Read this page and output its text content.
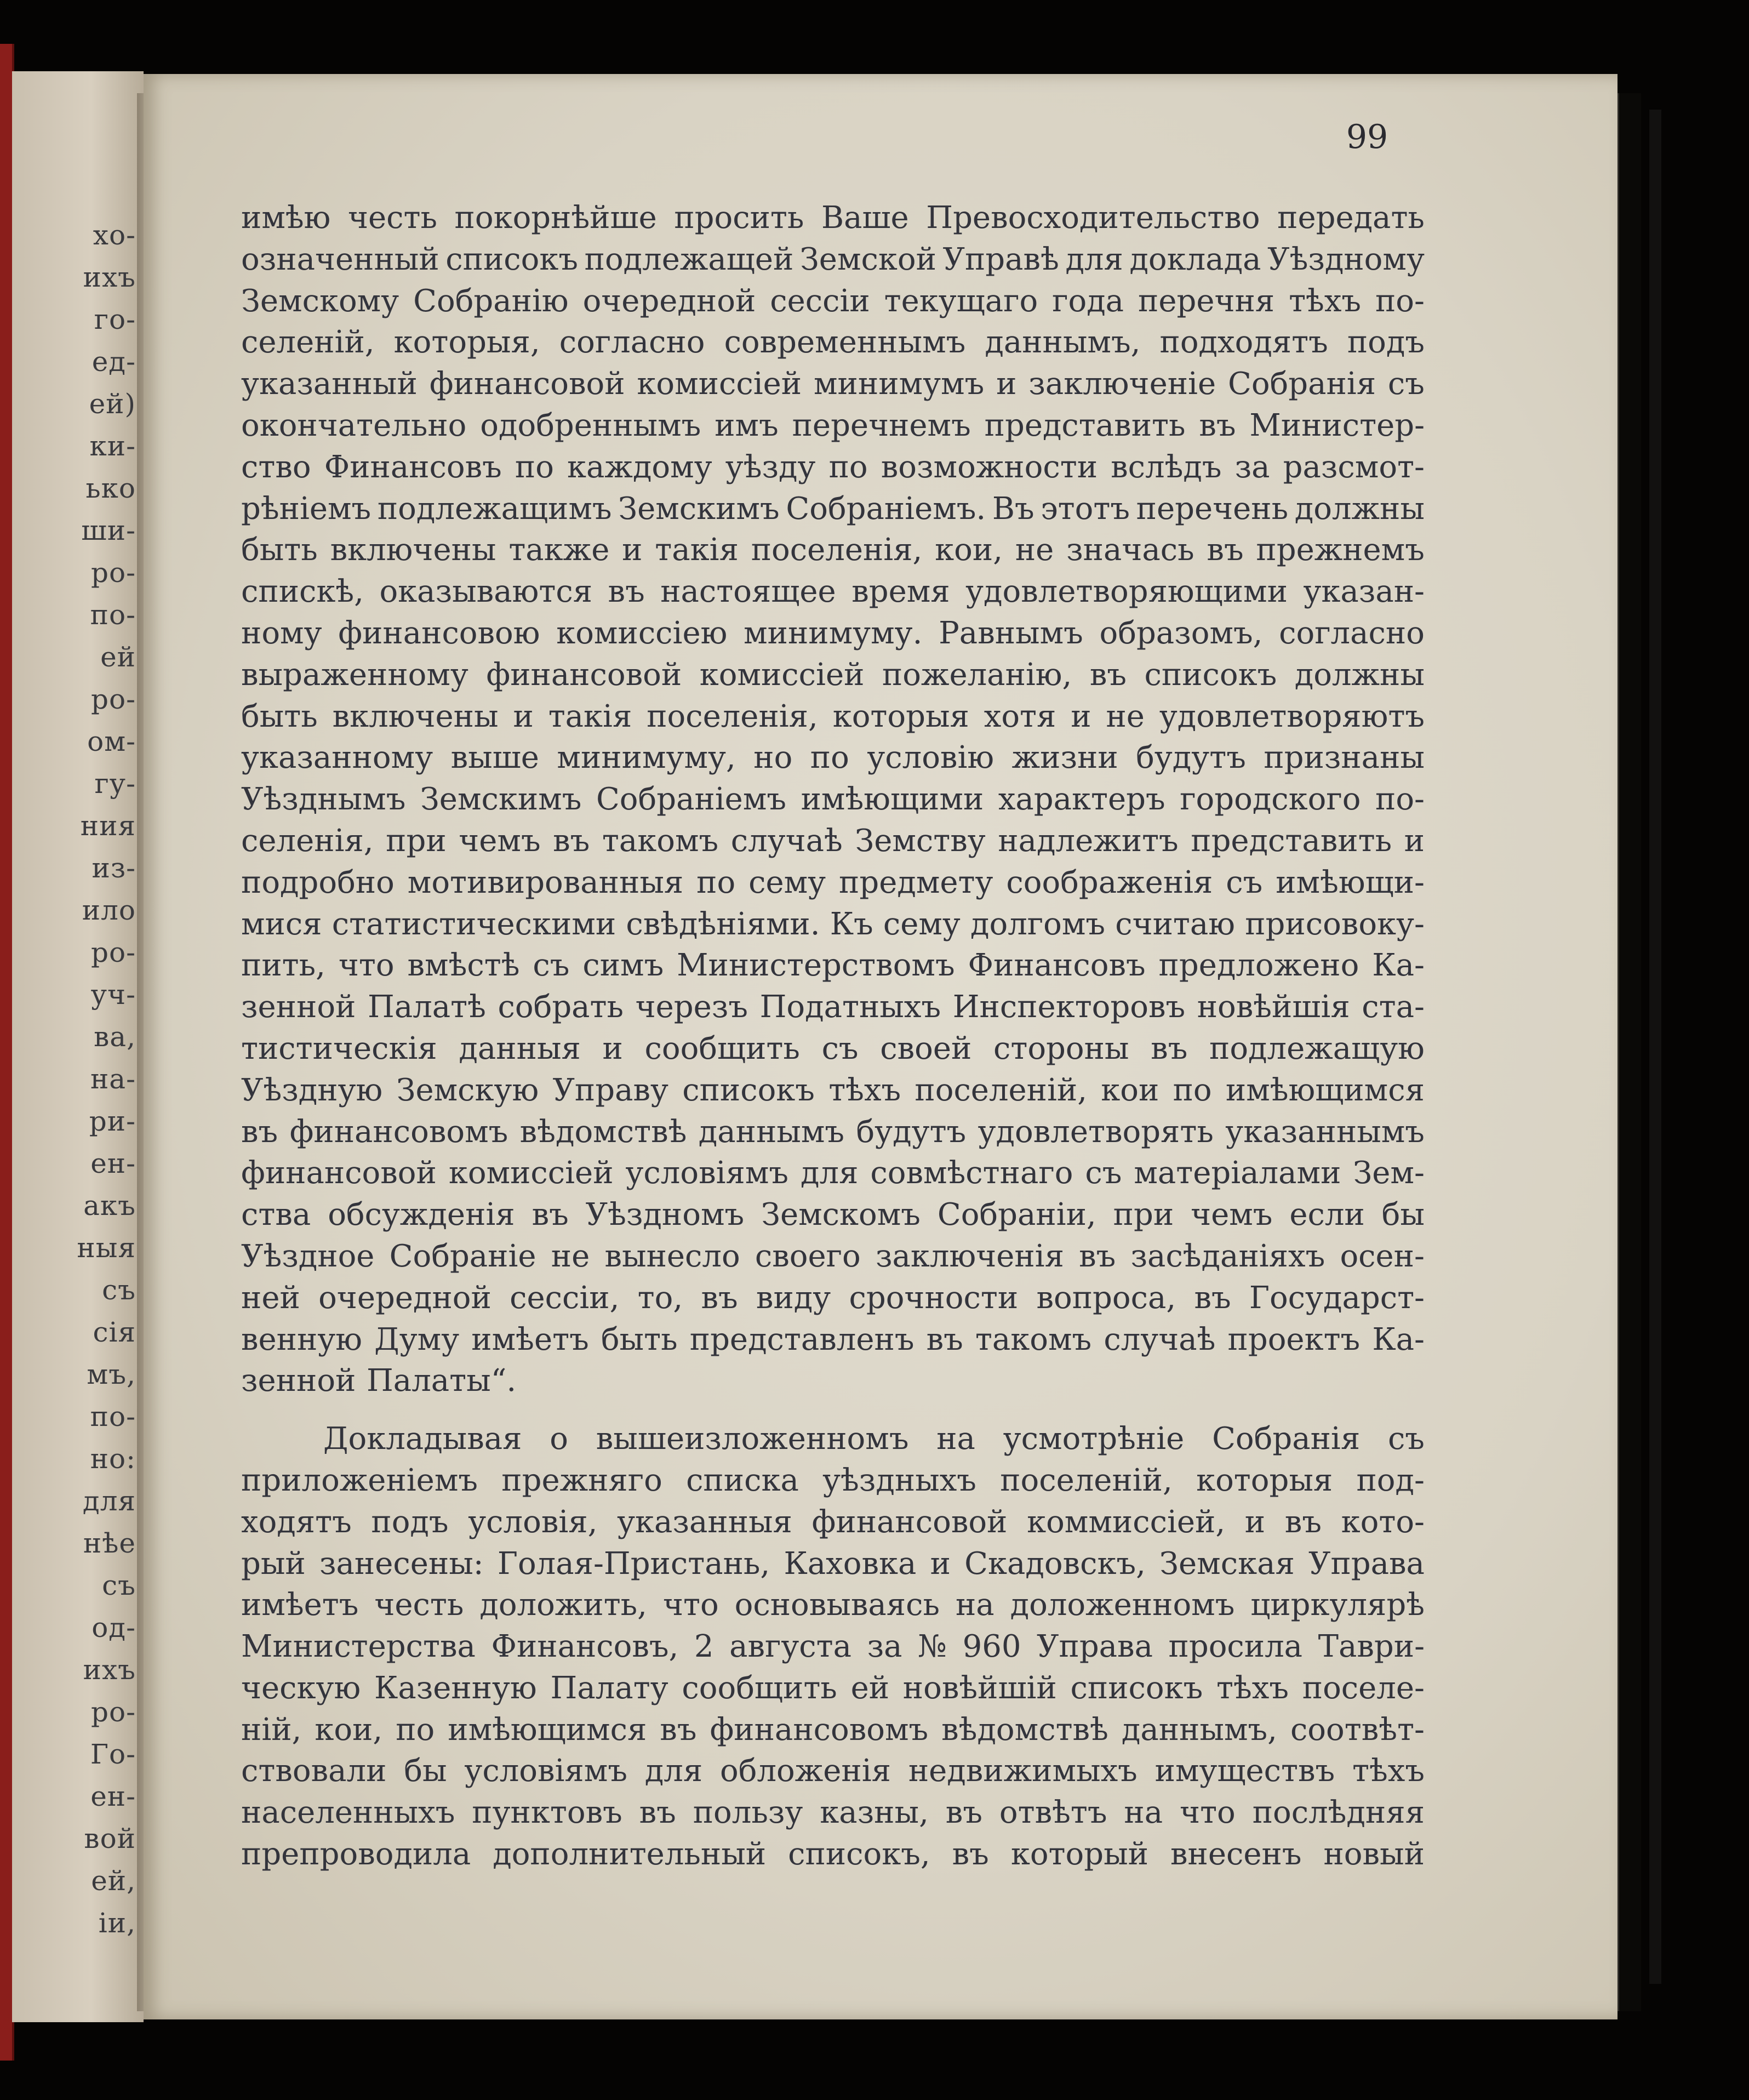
хо-
ихъ
го-
ед-
ей)
ки-
ько
ши-
ро-
по-
ей
ро-
ом-
гу-
ния
из-
ило
ро-
уч-
ва,
на-
ри-
ен-
акъ
ныя
съ
сія
мъ,
по-
но:
для
нѣе
съ
од-
ихъ
ро-
Го-
ен-
вой
ей,
іи,
99
имѣю честь покорнѣйше просить Ваше Превосходительство передать
означенный списокъ подлежащей Земской Управѣ для доклада Уѣздному
Земскому Собранію очередной сессіи текущаго года перечня тѣхъ по-
селеній, которыя, согласно современнымъ даннымъ, подходятъ подъ
указанный финансовой комиссіей минимумъ и заключеніе Собранія съ
окончательно одобреннымъ имъ перечнемъ представить въ Министер-
ство Финансовъ по каждому уѣзду по возможности вслѣдъ за разсмот-
рѣніемъ подлежащимъ Земскимъ Собраніемъ. Въ этотъ перечень должны
быть включены также и такія поселенія, кои, не значась въ прежнемъ
спискѣ, оказываются въ настоящее время удовлетворяющими указан-
ному финансовою комиссіею минимуму. Равнымъ образомъ, согласно
выраженному финансовой комиссіей пожеланію, въ списокъ должны
быть включены и такія поселенія, которыя хотя и не удовлетворяютъ
указанному выше минимуму, но по условію жизни будутъ признаны
Уѣзднымъ Земскимъ Собраніемъ имѣющими характеръ городского по-
селенія, при чемъ въ такомъ случаѣ Земству надлежитъ представить и
подробно мотивированныя по сему предмету соображенія съ имѣющи-
мися статистическими свѣдѣніями. Къ сему долгомъ считаю присовоку-
пить, что вмѣстѣ съ симъ Министерствомъ Финансовъ предложено Ка-
зенной Палатѣ собрать черезъ Податныхъ Инспекторовъ новѣйшія ста-
тистическія данныя и сообщить съ своей стороны въ подлежащую
Уѣздную Земскую Управу списокъ тѣхъ поселеній, кои по имѣющимся
въ финансовомъ вѣдомствѣ даннымъ будутъ удовлетворять указаннымъ
финансовой комиссіей условіямъ для совмѣстнаго съ матеріалами Зем-
ства обсужденія въ Уѣздномъ Земскомъ Собраніи, при чемъ если бы
Уѣздное Собраніе не вынесло своего заключенія въ засѣданіяхъ осен-
ней очередной сессіи, то, въ виду срочности вопроса, въ Государст-
венную Думу имѣетъ быть представленъ въ такомъ случаѣ проектъ Ка-
зенной Палаты“.
Докладывая о вышеизложенномъ на усмотрѣніе Собранія съ
приложеніемъ прежняго списка уѣздныхъ поселеній, которыя под-
ходятъ подъ условія, указанныя финансовой коммиссіей, и въ кото-
рый занесены: Голая-Пристань, Каховка и Скадовскъ, Земская Управа
имѣетъ честь доложить, что основываясь на доложенномъ циркулярѣ
Министерства Финансовъ, 2 августа за № 960 Управа просила Таври-
ческую Казенную Палату сообщить ей новѣйшій списокъ тѣхъ поселе-
ній, кои, по имѣющимся въ финансовомъ вѣдомствѣ даннымъ, соотвѣт-
ствовали бы условіямъ для обложенія недвижимыхъ имуществъ тѣхъ
населенныхъ пунктовъ въ пользу казны, въ отвѣтъ на что послѣдняя
препроводила дополнительный списокъ, въ который внесенъ новый
